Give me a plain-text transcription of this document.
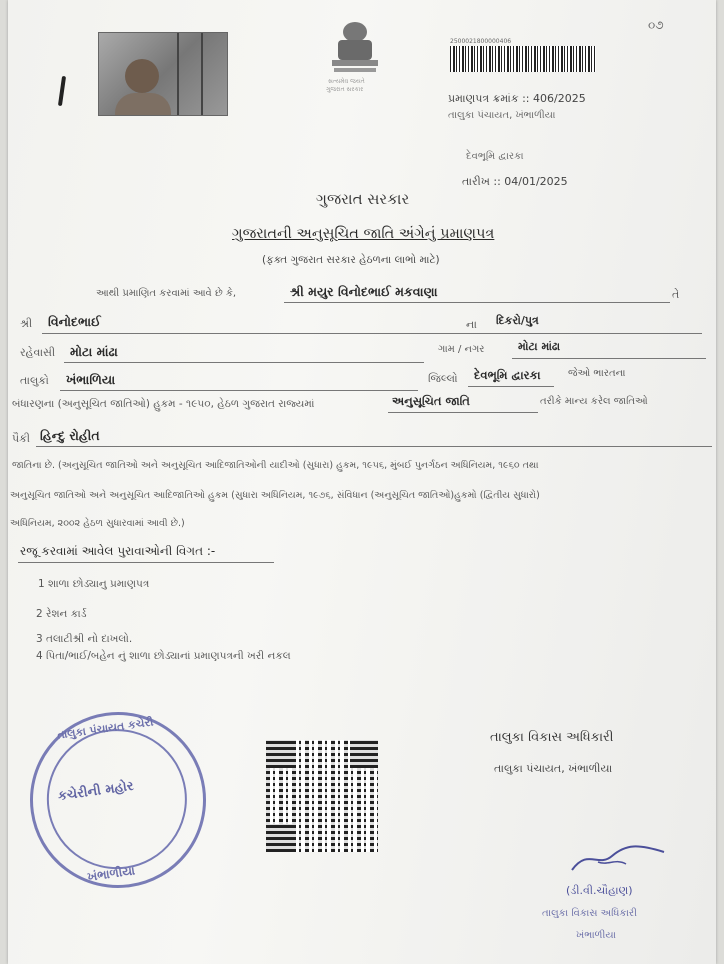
સત્યમેવ જયતે
ગુજરાત સરકાર
2500021800000406
૦૭
પ્રમાણપત્ર ક્રમાંક :: 406/2025
તાલુકા પંચાયત, ખંભાળીયા
દેવભૂમિ દ્વારકા
તારીખ :: 04/01/2025
ગુજરાત સરકાર
ગુજરાતની અનુસૂચિત જાતિ અંગેનું પ્રમાણપત્ર
(ફક્ત ગુજરાત સરકાર હેઠળના લાભો માટે)
આથી પ્રમાણિત કરવામાં આવે છે કે,	શ્રી મયુર વિનોદભાઈ મકવાણા	તે
શ્રી વિનોદભાઈ	ના દિકરો/પુત્ર
રહેવાસી મોટા માંઢા	ગામ / નગર	મોટા માંઢા
તાલુકો ખંભાળિયા	જિલ્લો દેવભૂમિ દ્વારકા	જેઓ ભારતના
બંધારણના (અનુસૂચિત જાતિઓ) હુકમ - ૧૯૫૦, હેઠળ ગુજરાત રાજ્યમાં	અનુસૂચિત જાતિ	તરીકે માન્ય કરેલ જાતિઓ
પૈકી હિન્દુ રોહીત
જાતિના છે. (અનુસૂચિત જાતિઓ અને અનુસૂચિત આદિજાતિઓની યાદીઓ (સુધારા) હુકમ, ૧૯૫૬, મુંબઈ પુનર્ગઠન અધિનિયમ, ૧૯૬૦ તથા
અનુસૂચિત જાતિઓ અને અનુસૂચિત આદિજાતિઓ હુકમ (સુધારા અધિનિયમ, ૧૯૭૬, સંવિધાન (અનુસૂચિત જાતિઓ)હુકમો (દ્વિતીય સુધારો)
અધિનિયમ, ૨૦૦૨ હેઠળ સુધારવામાં આવી છે.)
રજૂ કરવામાં આવેલ પુરાવાઓની વિગત :-
1 શાળા છોડ્યાનુ પ્રમાણપત્ર
2 રેશન કાર્ડ
3 તલાટીશ્રી નો દાખલો.
4 પિતા/ભાઈ/બહેન નું શાળા છોડ્યાનાં પ્રમાણપત્રની ખરી નકલ
તાલુકા પંચાયત કચેરી
કચેરીની મહોર
ખંભાળીયા
તાલુકા વિકાસ અધિકારી
તાલુકા પંચાયત, ખંભાળીયા
(ડી.વી.ચૌહાણ)
તાલુકા વિકાસ અધિકારી
ખંભાળીયા
